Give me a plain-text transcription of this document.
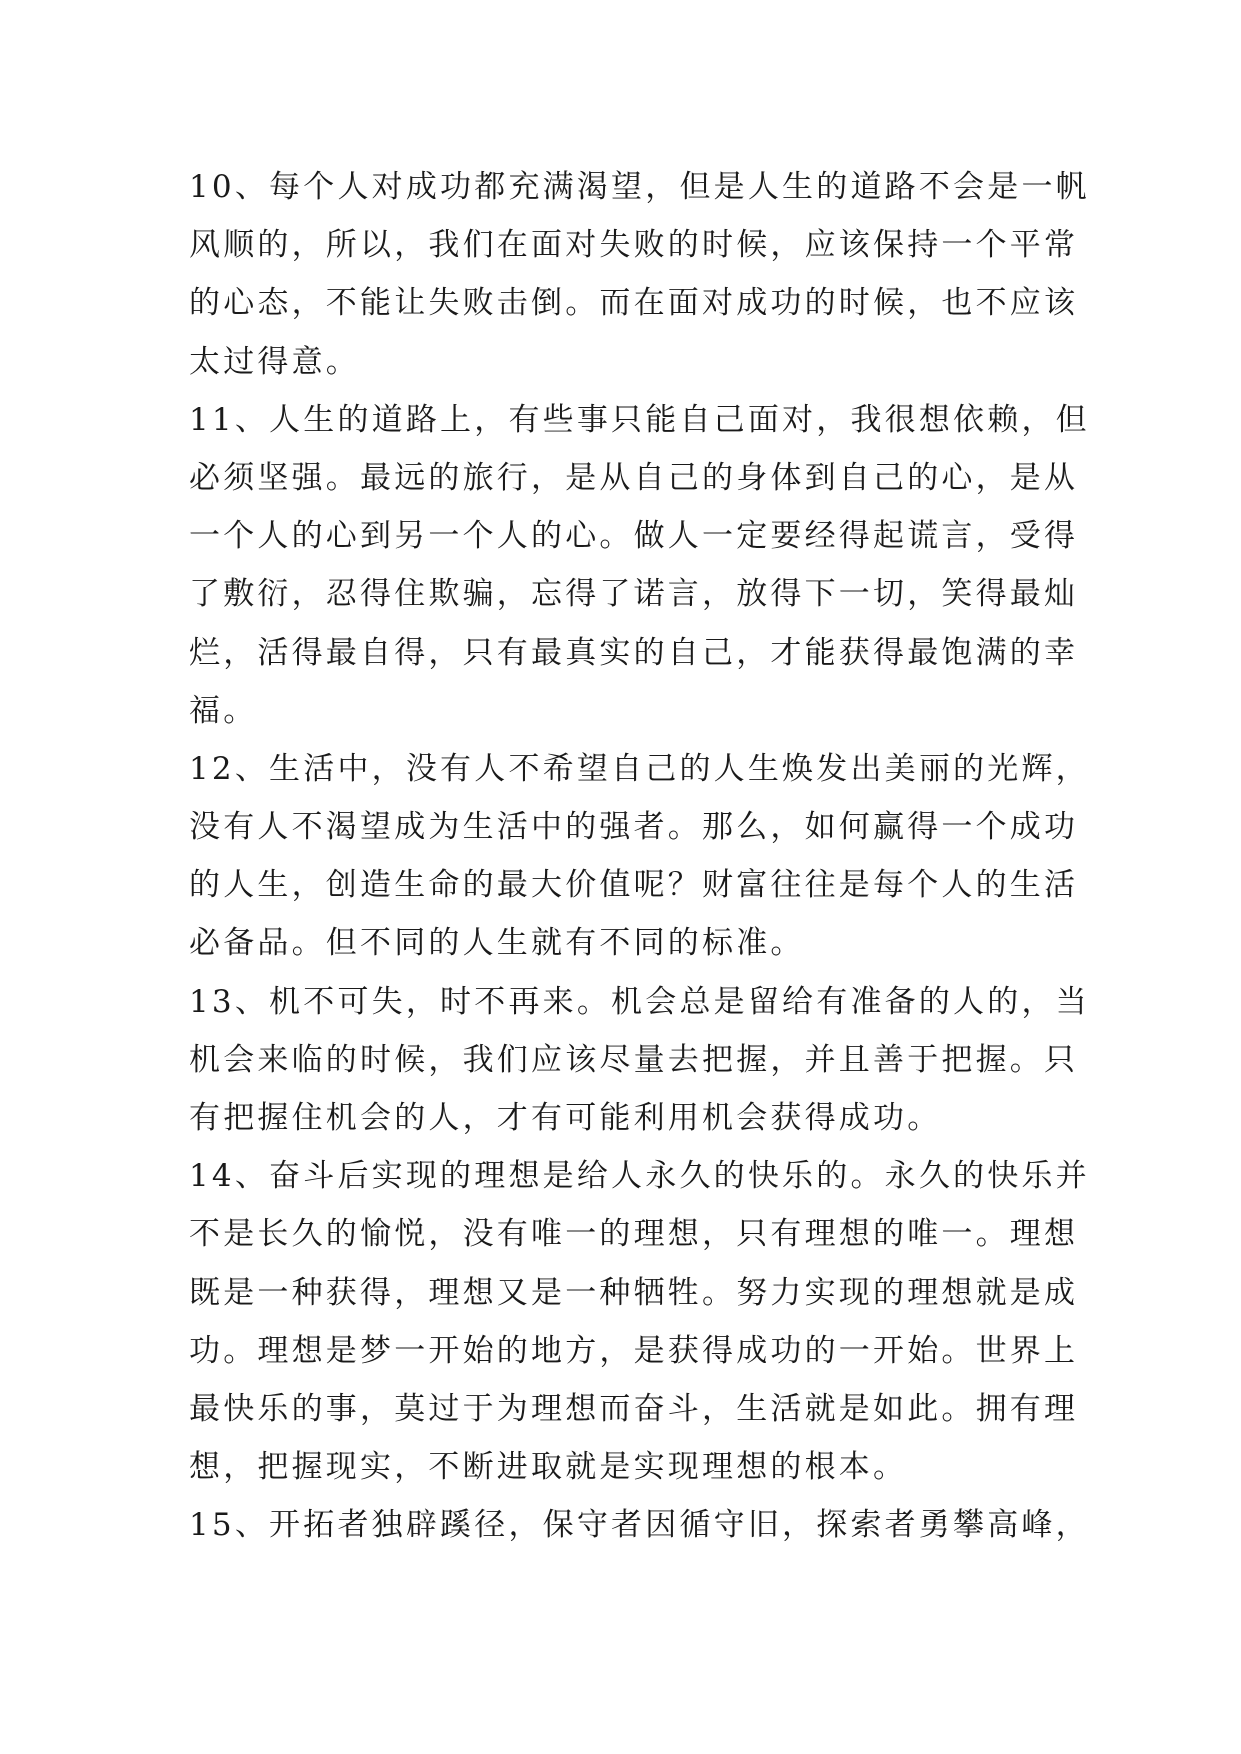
10、每个人对成功都充满渴望，但是人生的道路不会是一帆
风顺的，所以，我们在面对失败的时候，应该保持一个平常
的心态，不能让失败击倒。而在面对成功的时候，也不应该
太过得意。
11、人生的道路上，有些事只能自己面对，我很想依赖，但
必须坚强。最远的旅行，是从自己的身体到自己的心，是从
一个人的心到另一个人的心。做人一定要经得起谎言，受得
了敷衍，忍得住欺骗，忘得了诺言，放得下一切，笑得最灿
烂，活得最自得，只有最真实的自己，才能获得最饱满的幸
福。
12、生活中，没有人不希望自己的人生焕发出美丽的光辉，
没有人不渴望成为生活中的强者。那么，如何赢得一个成功
的人生，创造生命的最大价值呢？财富往往是每个人的生活
必备品。但不同的人生就有不同的标准。
13、机不可失，时不再来。机会总是留给有准备的人的，当
机会来临的时候，我们应该尽量去把握，并且善于把握。只
有把握住机会的人，才有可能利用机会获得成功。
14、奋斗后实现的理想是给人永久的快乐的。永久的快乐并
不是长久的愉悦，没有唯一的理想，只有理想的唯一。理想
既是一种获得，理想又是一种牺牲。努力实现的理想就是成
功。理想是梦一开始的地方，是获得成功的一开始。世界上
最快乐的事，莫过于为理想而奋斗，生活就是如此。拥有理
想，把握现实，不断进取就是实现理想的根本。
15、开拓者独辟蹊径，保守者因循守旧，探索者勇攀高峰，
